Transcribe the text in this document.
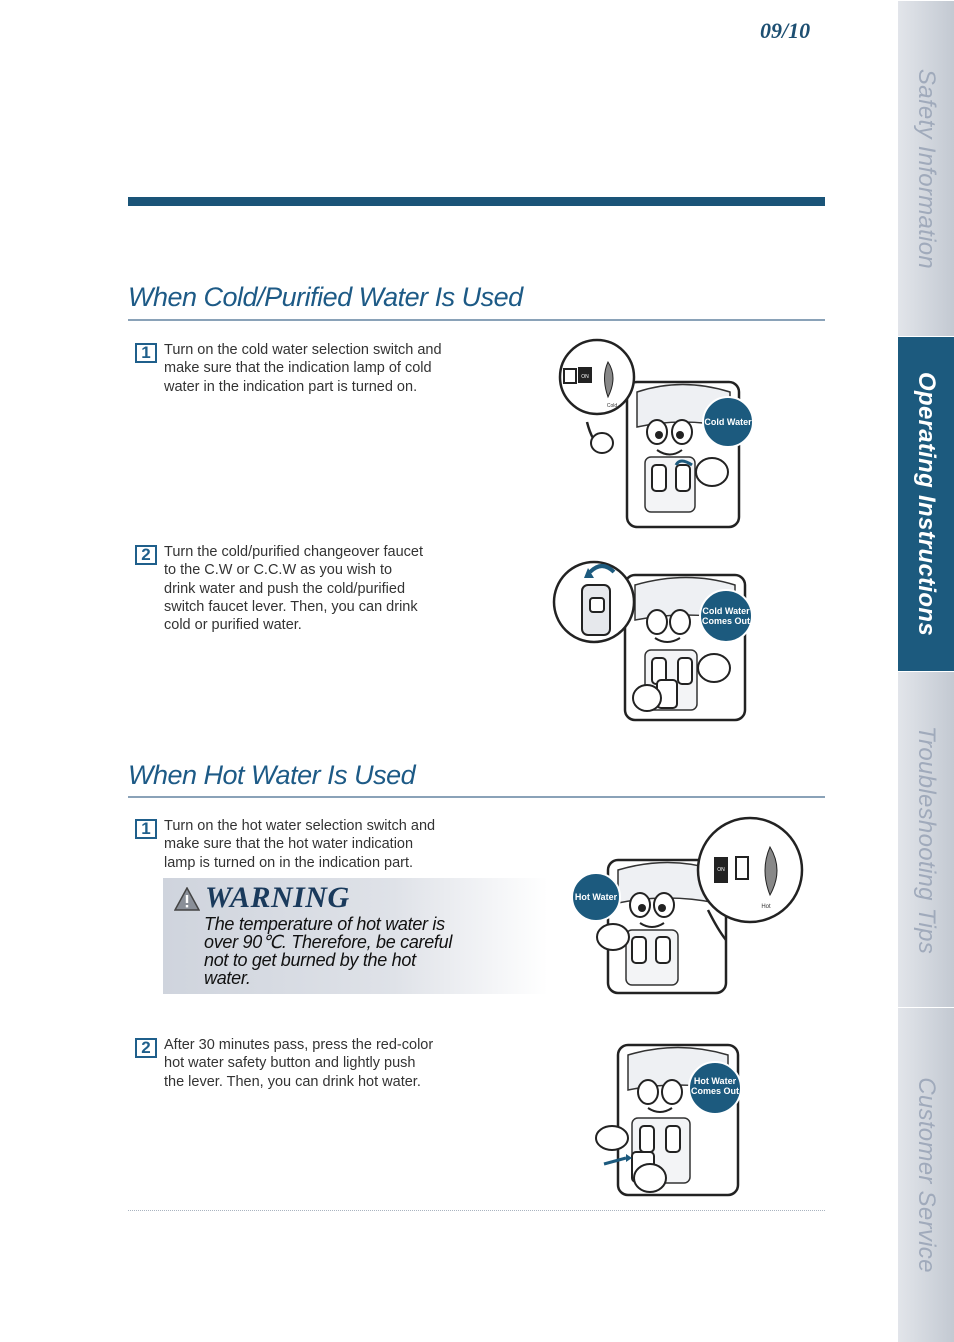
09/10
When Cold/Purified Water Is Used
1 Turn on the cold water selection switch and
make sure that the indication lamp of cold
water in the indication part is turned on.
ON
Cold
Cold Water
2 Turn the cold/purified changeover faucet
to the C.W or C.C.W as you wish to
drink water and push the cold/purified
switch faucet lever. Then, you can drink
cold or purified water.
Cold Water
Comes Out
When Hot Water Is Used
1 Turn on the hot water selection switch and
make sure that the hot water indication
lamp is turned on in the indication part.
WARNING
The temperature of hot water is
over 90℃. Therefore, be careful
not to get burned by the hot
water.
ON
Hot
Hot Water
2 After 30 minutes pass, press the red-color
hot water safety button and lightly push
the lever. Then, you can drink hot water.	Hot Water
Comes Out
Safety Information
Operating Instructions
Troubleshooting Tips
Customer Service
